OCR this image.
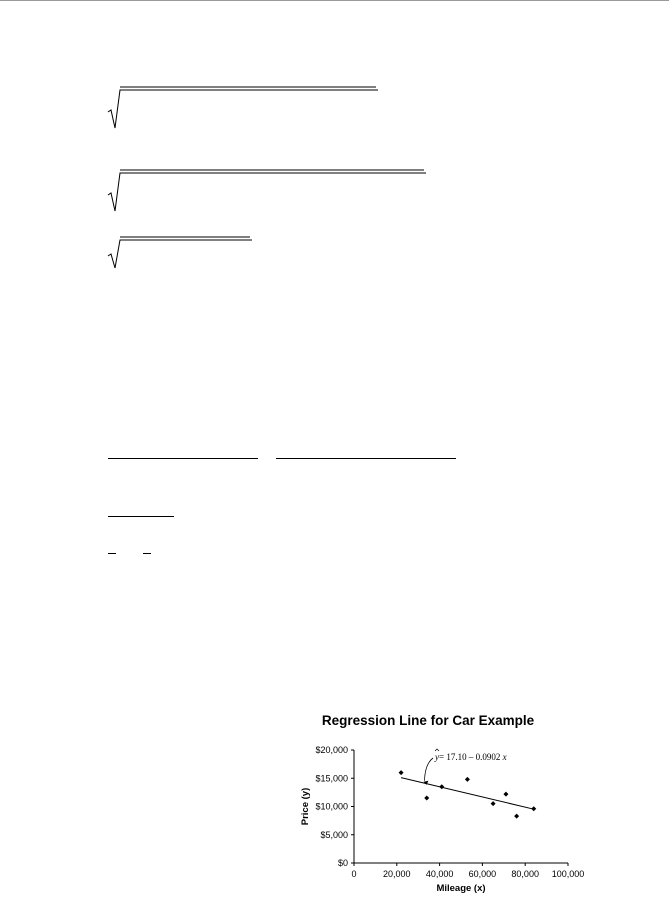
Regression Line for Car Example
$0
$5,000
$10,000
$15,000
$20,000
0	20,000 40,000 60,000 80,000 100,000
Mileage (x)
Price (y)
y= 17.10 – 0.0902 x
